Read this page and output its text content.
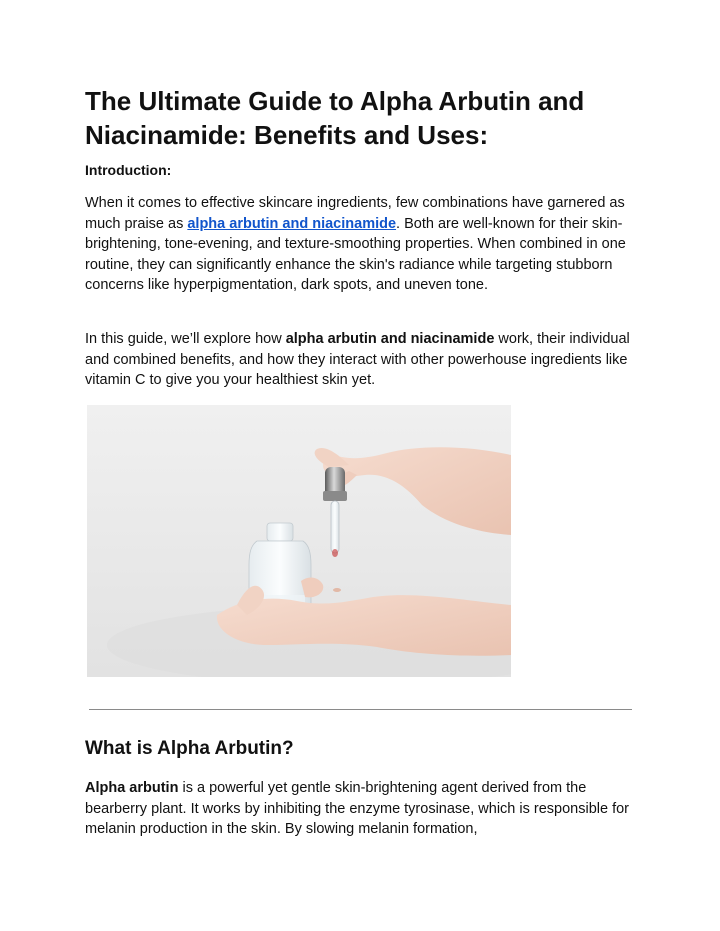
The Ultimate Guide to Alpha Arbutin and Niacinamide: Benefits and Uses:

Introduction:

When it comes to effective skincare ingredients, few combinations have garnered as much praise as alpha arbutin and niacinamide. Both are well-known for their skin-brightening, tone-evening, and texture-smoothing properties. When combined in one routine, they can significantly enhance the skin's radiance while targeting stubborn concerns like hyperpigmentation, dark spots, and uneven tone.

In this guide, we’ll explore how alpha arbutin and niacinamide work, their individual and combined benefits, and how they interact with other powerhouse ingredients like vitamin C to give you your healthiest skin yet.

What is Alpha Arbutin?

Alpha arbutin is a powerful yet gentle skin-brightening agent derived from the bearberry plant. It works by inhibiting the enzyme tyrosinase, which is responsible for melanin production in the skin. By slowing melanin formation,
